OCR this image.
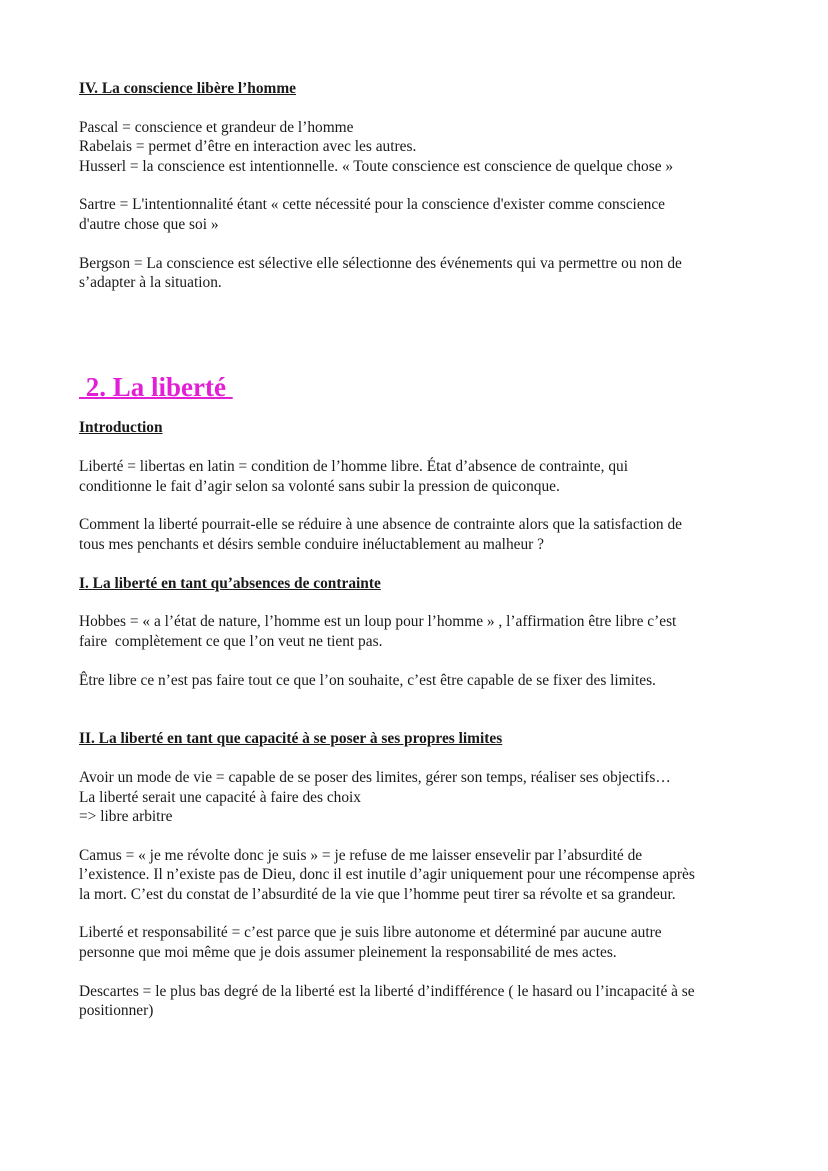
IV. La conscience libère l’homme

Pascal = conscience et grandeur de l’homme
Rabelais = permet d’être en interaction avec les autres.
Husserl = la conscience est intentionnelle. « Toute conscience est conscience de quelque chose »

Sartre = L'intentionnalité étant « cette nécessité pour la conscience d'exister comme conscience
d'autre chose que soi »

Bergson = La conscience est sélective elle sélectionne des événements qui va permettre ou non de
s’adapter à la situation.

2. La liberté

Introduction

Liberté = libertas en latin = condition de l’homme libre. État d’absence de contrainte, qui
conditionne le fait d’agir selon sa volonté sans subir la pression de quiconque.

Comment la liberté pourrait-elle se réduire à une absence de contrainte alors que la satisfaction de
tous mes penchants et désirs semble conduire inéluctablement au malheur ?

I. La liberté en tant qu’absences de contrainte

Hobbes = « a l’état de nature, l’homme est un loup pour l’homme » , l’affirmation être libre c’est
faire  complètement ce que l’on veut ne tient pas.

Être libre ce n’est pas faire tout ce que l’on souhaite, c’est être capable de se fixer des limites.

II. La liberté en tant que capacité à se poser à ses propres limites

Avoir un mode de vie = capable de se poser des limites, gérer son temps, réaliser ses objectifs…
La liberté serait une capacité à faire des choix
=> libre arbitre

Camus = « je me révolte donc je suis » = je refuse de me laisser ensevelir par l’absurdité de
l’existence. Il n’existe pas de Dieu, donc il est inutile d’agir uniquement pour une récompense après
la mort. C’est du constat de l’absurdité de la vie que l’homme peut tirer sa révolte et sa grandeur.

Liberté et responsabilité = c’est parce que je suis libre autonome et déterminé par aucune autre
personne que moi même que je dois assumer pleinement la responsabilité de mes actes.

Descartes = le plus bas degré de la liberté est la liberté d’indifférence ( le hasard ou l’incapacité à se
positionner)
